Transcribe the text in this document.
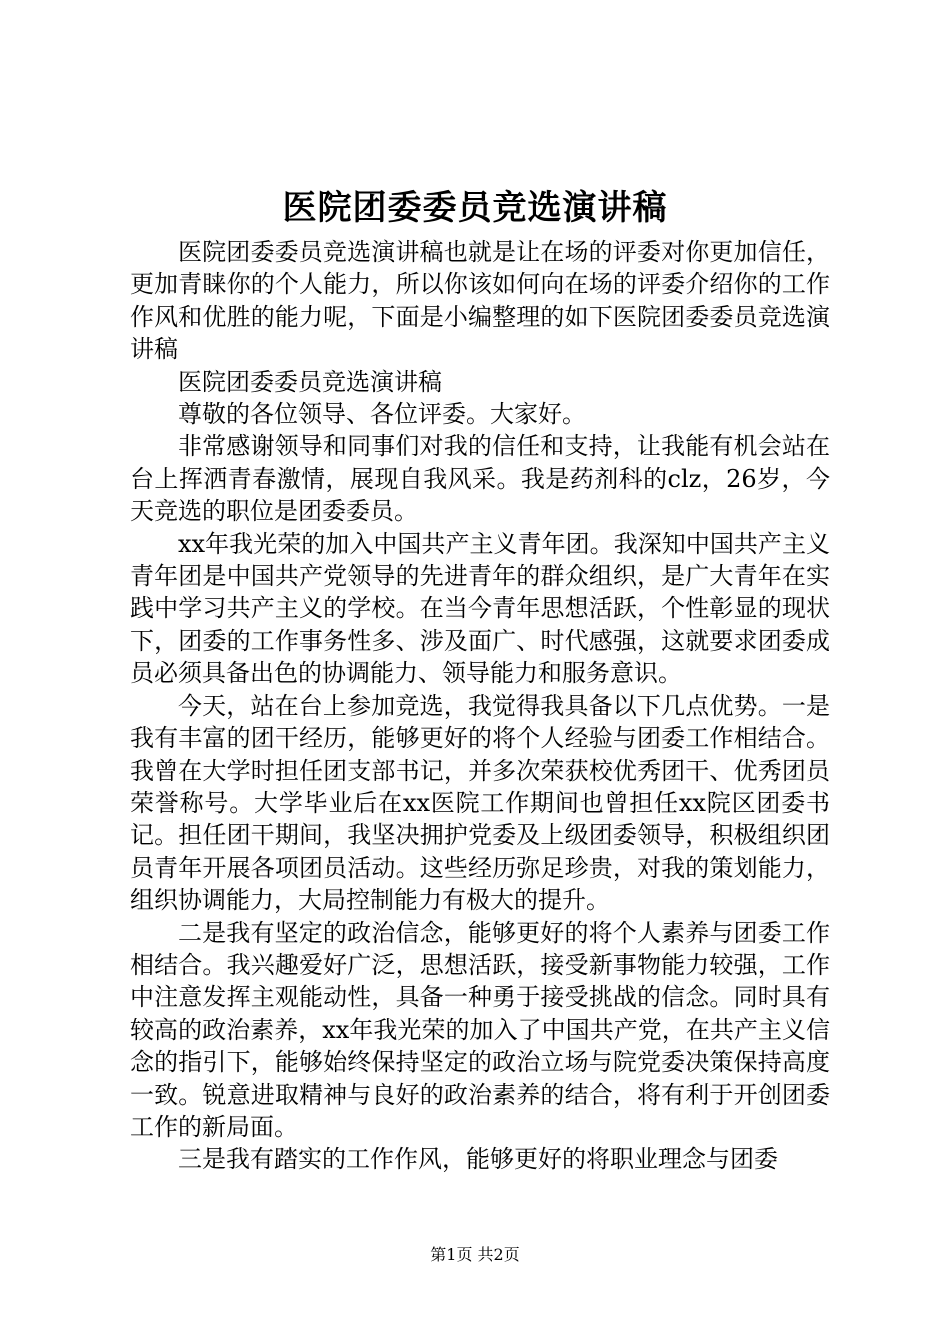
医院团委委员竞选演讲稿

医院团委委员竞选演讲稿也就是让在场的评委对你更加信任，更加青睐你的个人能力，所以你该如何向在场的评委介绍你的工作作风和优胜的能力呢，下面是小编整理的如下医院团委委员竞选演讲稿

医院团委委员竞选演讲稿

尊敬的各位领导、各位评委。大家好。

非常感谢领导和同事们对我的信任和支持，让我能有机会站在台上挥洒青春激情，展现自我风采。我是药剂科的clz，26岁，今天竞选的职位是团委委员。

xx年我光荣的加入中国共产主义青年团。我深知中国共产主义青年团是中国共产党领导的先进青年的群众组织，是广大青年在实践中学习共产主义的学校。在当今青年思想活跃，个性彰显的现状下，团委的工作事务性多、涉及面广、时代感强，这就要求团委成员必须具备出色的协调能力、领导能力和服务意识。

今天，站在台上参加竞选，我觉得我具备以下几点优势。一是我有丰富的团干经历，能够更好的将个人经验与团委工作相结合。我曾在大学时担任团支部书记，并多次荣获校优秀团干、优秀团员荣誉称号。大学毕业后在xx医院工作期间也曾担任xx院区团委书记。担任团干期间，我坚决拥护党委及上级团委领导，积极组织团员青年开展各项团员活动。这些经历弥足珍贵，对我的策划能力，组织协调能力，大局控制能力有极大的提升。

二是我有坚定的政治信念，能够更好的将个人素养与团委工作相结合。我兴趣爱好广泛，思想活跃，接受新事物能力较强，工作中注意发挥主观能动性，具备一种勇于接受挑战的信念。同时具有较高的政治素养，xx年我光荣的加入了中国共产党，在共产主义信念的指引下，能够始终保持坚定的政治立场与院党委决策保持高度一致。锐意进取精神与良好的政治素养的结合，将有利于开创团委工作的新局面。

三是我有踏实的工作作风，能够更好的将职业理念与团委

第1页 共2页
